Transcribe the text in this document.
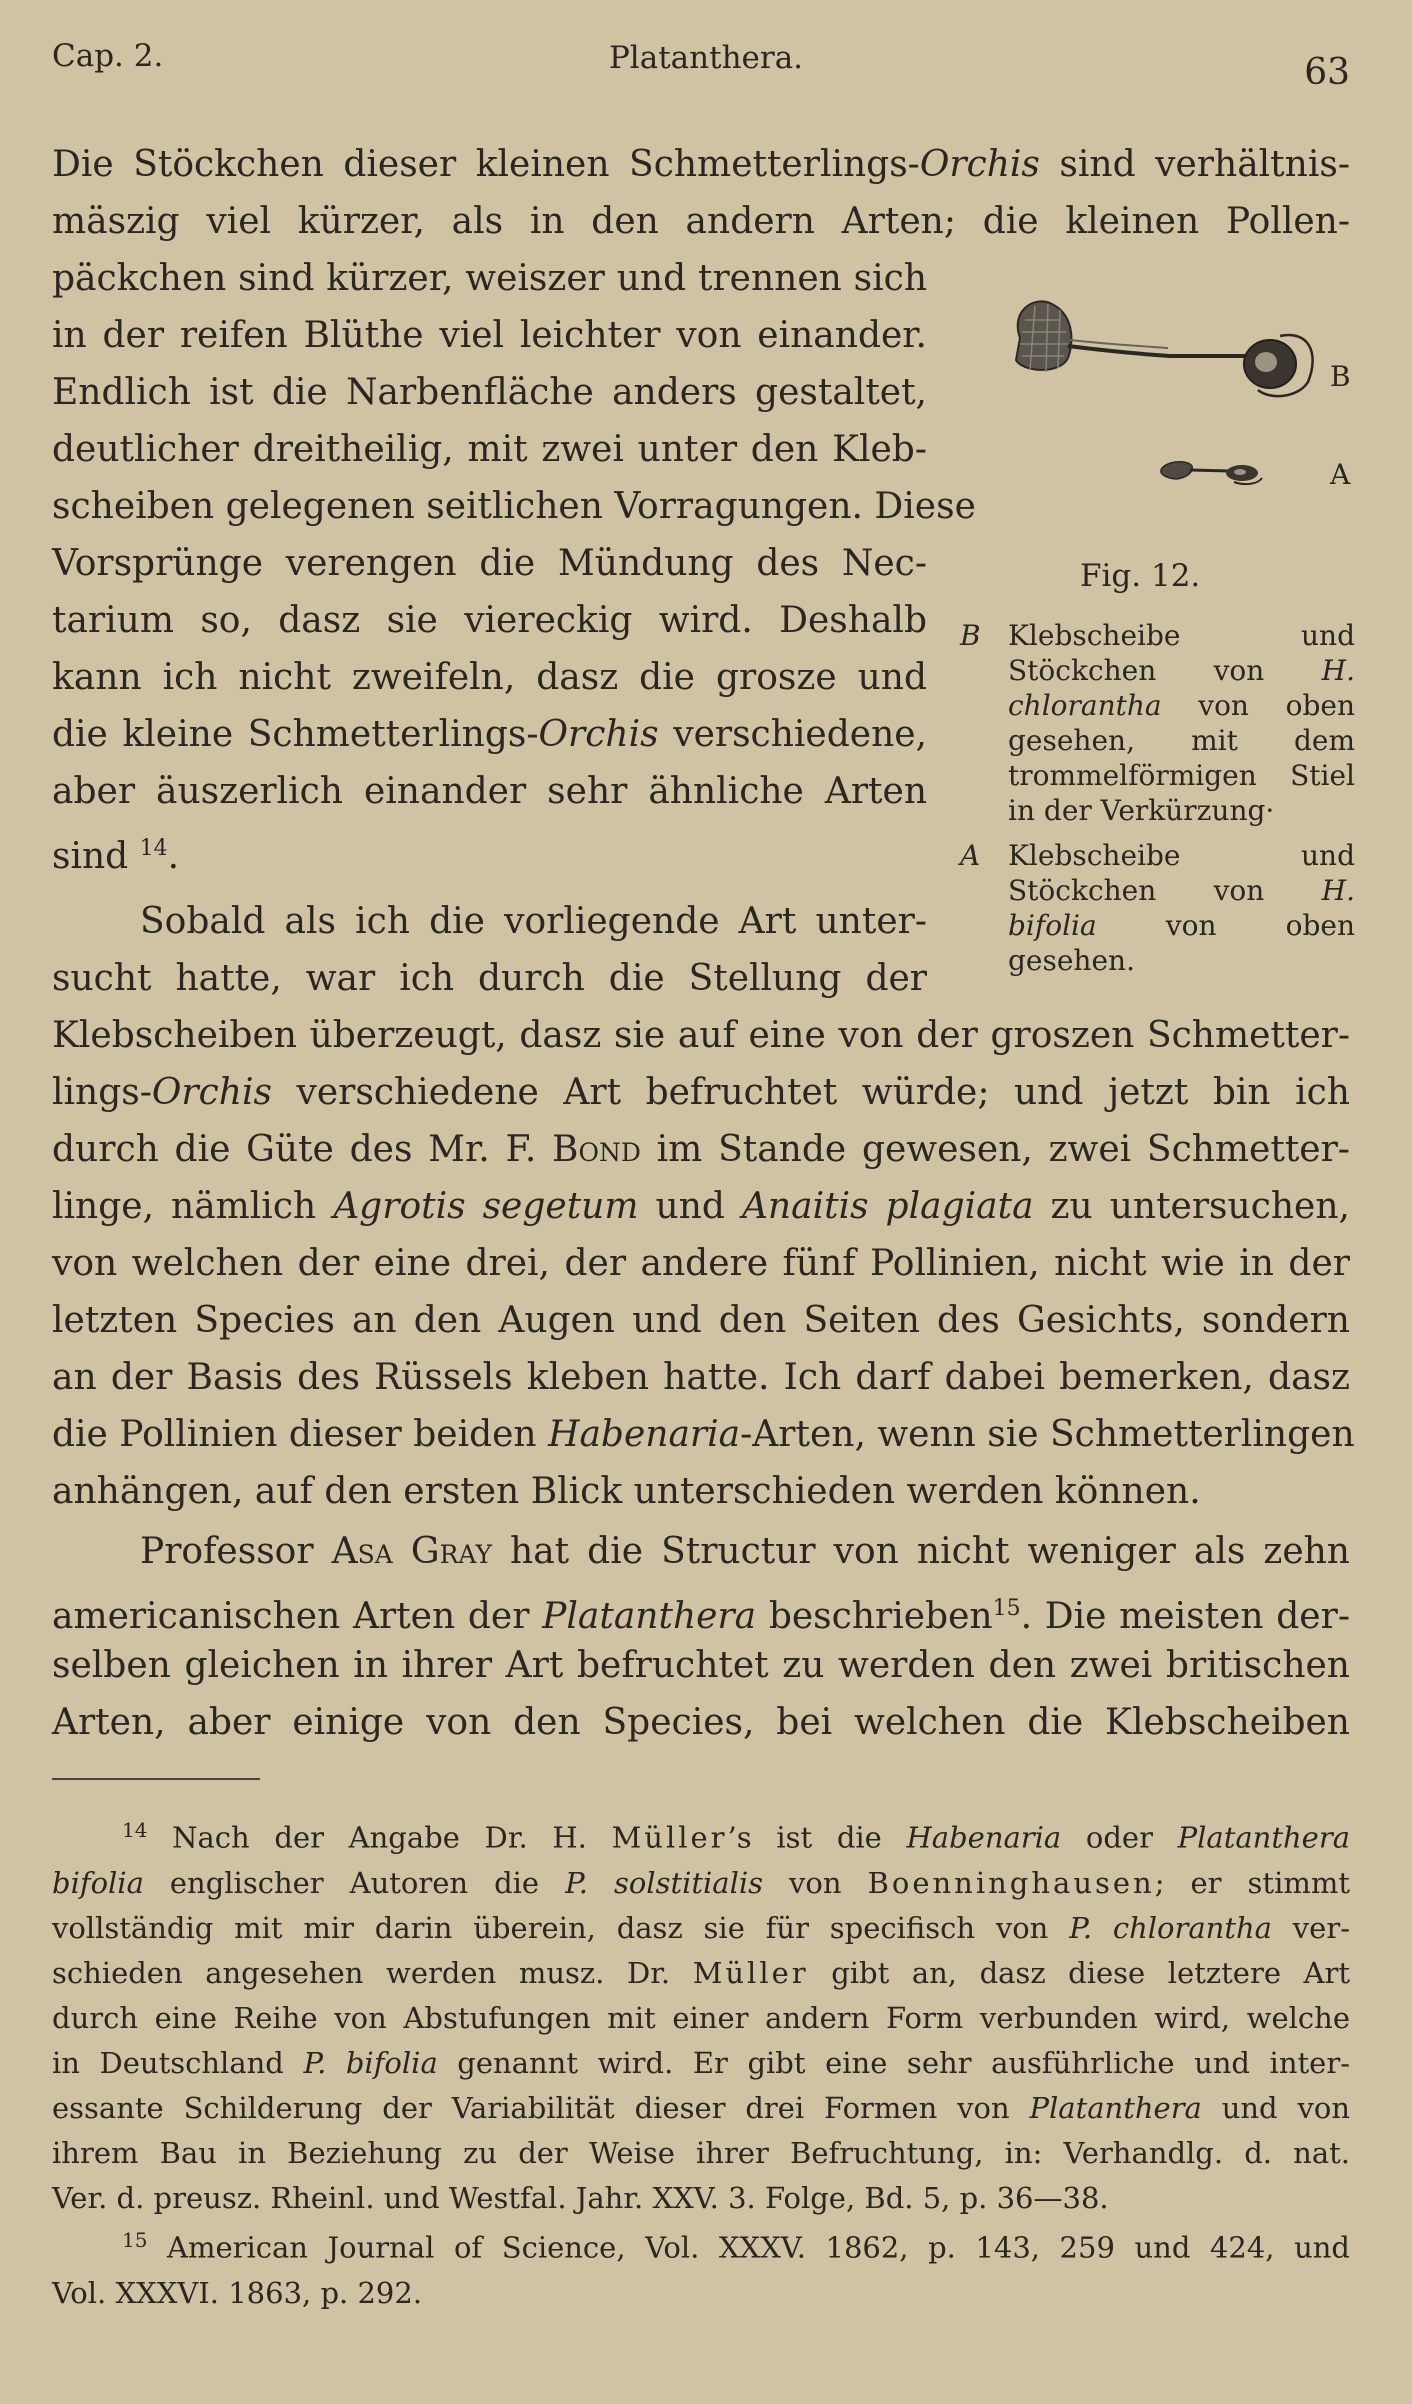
Cap. 2.	Platanthera.	63
Die Stöckchen dieser kleinen Schmetterlings-Orchis sind verhältnis-
mäszig viel kürzer, als in den andern Arten; die kleinen Pollen-
päckchen sind kürzer, weiszer und trennen sich
in der reifen Blüthe viel leichter von einander.
Endlich ist die Narbenfläche anders gestaltet,
deutlicher dreitheilig, mit zwei unter den Kleb-
scheiben gelegenen seitlichen Vorragungen. Diese
Vorsprünge verengen die Mündung des Nec-
tarium so, dasz sie viereckig wird. Deshalb
kann ich nicht zweifeln, dasz die grosze und
die kleine Schmetterlings-Orchis verschiedene,
aber äuszerlich einander sehr ähnliche Arten
sind $^{14}$.
B
A
Fig. 12.
B Klebscheibe und Stöckchen von H. chlorantha von oben gesehen, mit dem trommelförmigen Stiel in der Verkürzung·
A Klebscheibe und Stöckchen von H. bifolia von oben gesehen.
Sobald als ich die vorliegende Art unter-
sucht hatte, war ich durch die Stellung der
Klebscheiben überzeugt, dasz sie auf eine von der groszen Schmetter-
lings-Orchis verschiedene Art befruchtet würde; und jetzt bin ich
durch die Güte des Mr. F. Bond im Stande gewesen, zwei Schmetter-
linge, nämlich Agrotis segetum und Anaitis plagiata zu untersuchen,
von welchen der eine drei, der andere fünf Pollinien, nicht wie in der
letzten Species an den Augen und den Seiten des Gesichts, sondern
an der Basis des Rüssels kleben hatte. Ich darf dabei bemerken, dasz
die Pollinien dieser beiden Habenaria-Arten, wenn sie Schmetterlingen
anhängen, auf den ersten Blick unterschieden werden können.
Professor Asa Gray hat die Structur von nicht weniger als zehn
americanischen Arten der Platanthera beschrieben$^{15}$. Die meisten der-
selben gleichen in ihrer Art befruchtet zu werden den zwei britischen
Arten, aber einige von den Species, bei welchen die Klebscheiben
$^{14}$ Nach der Angabe Dr. H. Müller’s ist die Habenaria oder Platanthera
bifolia englischer Autoren die P. solstitialis von Boenninghausen; er stimmt
vollständig mit mir darin überein, dasz sie für specifisch von P. chlorantha ver-
schieden angesehen werden musz. Dr. Müller gibt an, dasz diese letztere Art
durch eine Reihe von Abstufungen mit einer andern Form verbunden wird, welche
in Deutschland P. bifolia genannt wird. Er gibt eine sehr ausführliche und inter-
essante Schilderung der Variabilität dieser drei Formen von Platanthera und von
ihrem Bau in Beziehung zu der Weise ihrer Befruchtung, in: Verhandlg. d. nat.
Ver. d. preusz. Rheinl. und Westfal. Jahr. XXV. 3. Folge, Bd. 5, p. 36—38.
$^{15}$ American Journal of Science, Vol. XXXV. 1862, p. 143, 259 und 424, und
Vol. XXXVI. 1863, p. 292.
